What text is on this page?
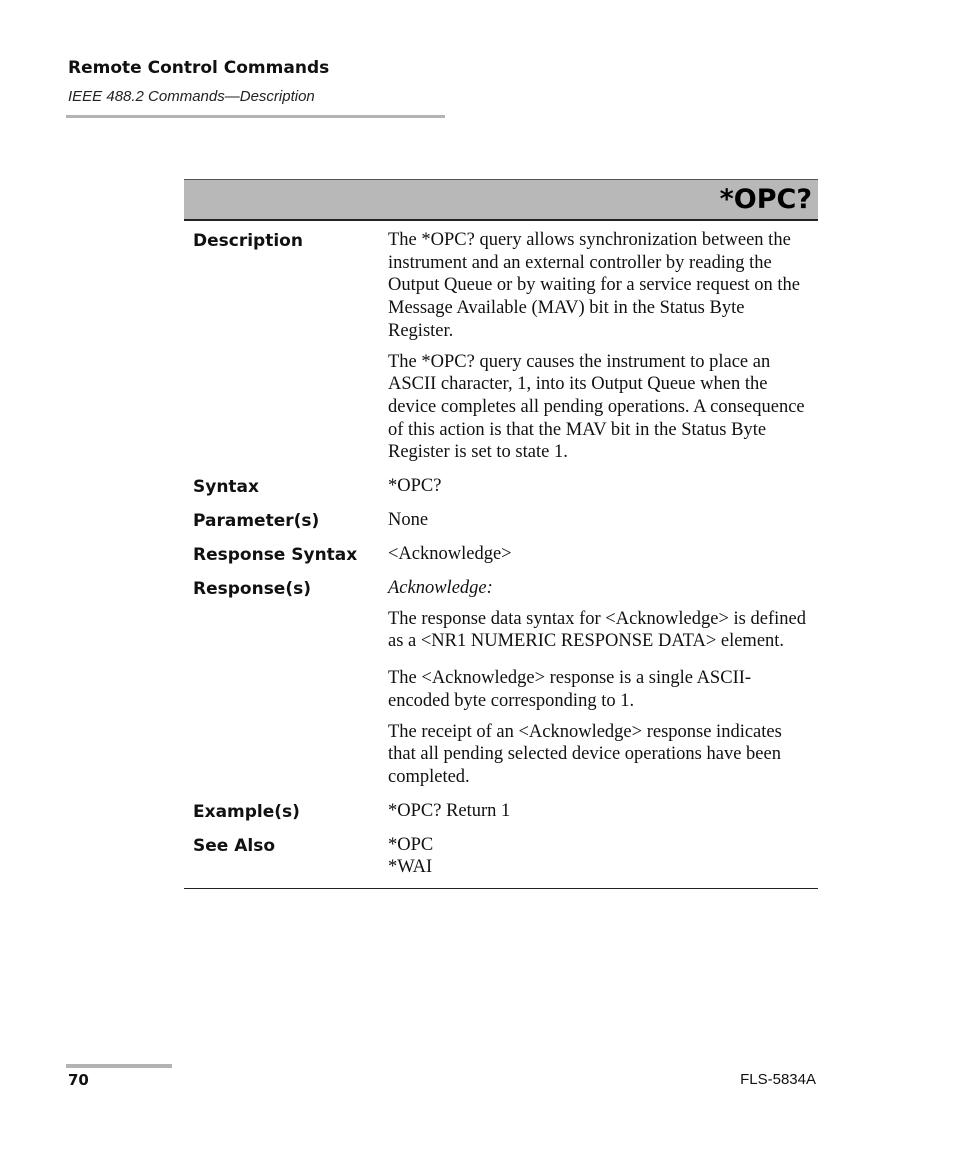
Remote Control Commands
IEEE 488.2 Commands—Description
*OPC?
Description	The *OPC? query allows synchronization between the instrument and an external controller by reading the Output Queue or by waiting for a service request on the Message Available (MAV) bit in the Status Byte Register.

The *OPC? query causes the instrument to place an ASCII character, 1, into its Output Queue when the device completes all pending operations. A consequence of this action is that the MAV bit in the Status Byte Register is set to state 1.

Syntax	*OPC?

Parameter(s)	None

Response Syntax	<Acknowledge>

Response(s)	Acknowledge:

The response data syntax for <Acknowledge> is defined as a <NR1 NUMERIC RESPONSE DATA> element.

The <Acknowledge> response is a single ASCII-encoded byte corresponding to 1.

The receipt of an <Acknowledge> response indicates that all pending selected device operations have been completed.

Example(s)	*OPC? Return 1

See Also	*OPC
*WAI
70	FLS-5834A
